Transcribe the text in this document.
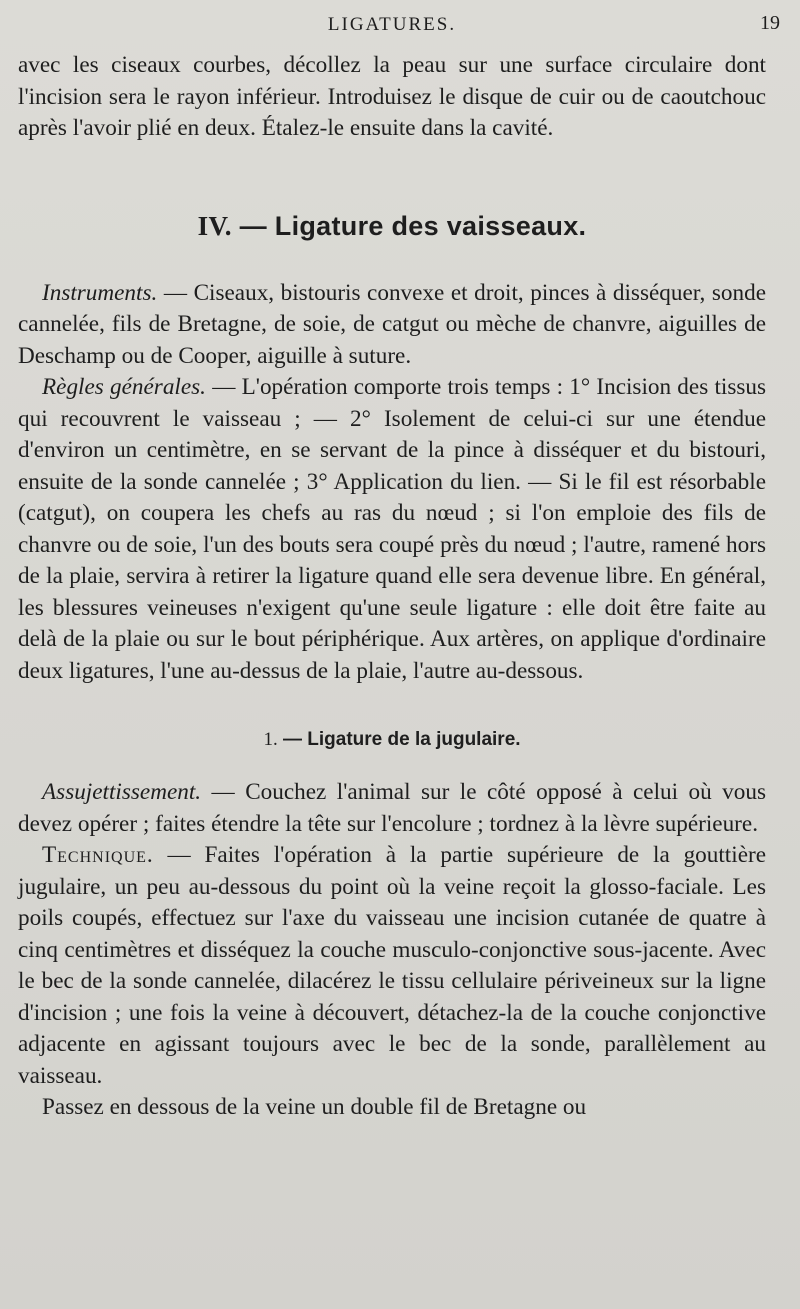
LIGATURES.	19

avec les ciseaux courbes, décollez la peau sur une surface circulaire dont l'incision sera le rayon inférieur. Introduisez le disque de cuir ou de caoutchouc après l'avoir plié en deux. Étalez-le ensuite dans la cavité.

IV. — Ligature des vaisseaux.

Instruments. — Ciseaux, bistouris convexe et droit, pinces à disséquer, sonde cannelée, fils de Bretagne, de soie, de catgut ou mèche de chanvre, aiguilles de Deschamp ou de Cooper, aiguille à suture.

Règles générales. — L'opération comporte trois temps : 1° Incision des tissus qui recouvrent le vaisseau ; — 2° Isolement de celui-ci sur une étendue d'environ un centimètre, en se servant de la pince à disséquer et du bistouri, ensuite de la sonde cannelée ; 3° Application du lien. — Si le fil est résorbable (catgut), on coupera les chefs au ras du nœud ; si l'on emploie des fils de chanvre ou de soie, l'un des bouts sera coupé près du nœud ; l'autre, ramené hors de la plaie, servira à retirer la ligature quand elle sera devenue libre. En général, les blessures veineuses n'exigent qu'une seule ligature : elle doit être faite au delà de la plaie ou sur le bout périphérique. Aux artères, on applique d'ordinaire deux ligatures, l'une au-dessus de la plaie, l'autre au-dessous.

1. — Ligature de la jugulaire.

Assujettissement. — Couchez l'animal sur le côté opposé à celui où vous devez opérer ; faites étendre la tête sur l'encolure ; tordnez à la lèvre supérieure.

Technique. — Faites l'opération à la partie supérieure de la gouttière jugulaire, un peu au-dessous du point où la veine reçoit la glosso-faciale. Les poils coupés, effectuez sur l'axe du vaisseau une incision cutanée de quatre à cinq centimètres et disséquez la couche musculo-conjonctive sous-jacente. Avec le bec de la sonde cannelée, dilacérez le tissu cellulaire périveineux sur la ligne d'incision ; une fois la veine à découvert, détachez-la de la couche conjonctive adjacente en agissant toujours avec le bec de la sonde, parallèlement au vaisseau.

Passez en dessous de la veine un double fil de Bretagne ou
